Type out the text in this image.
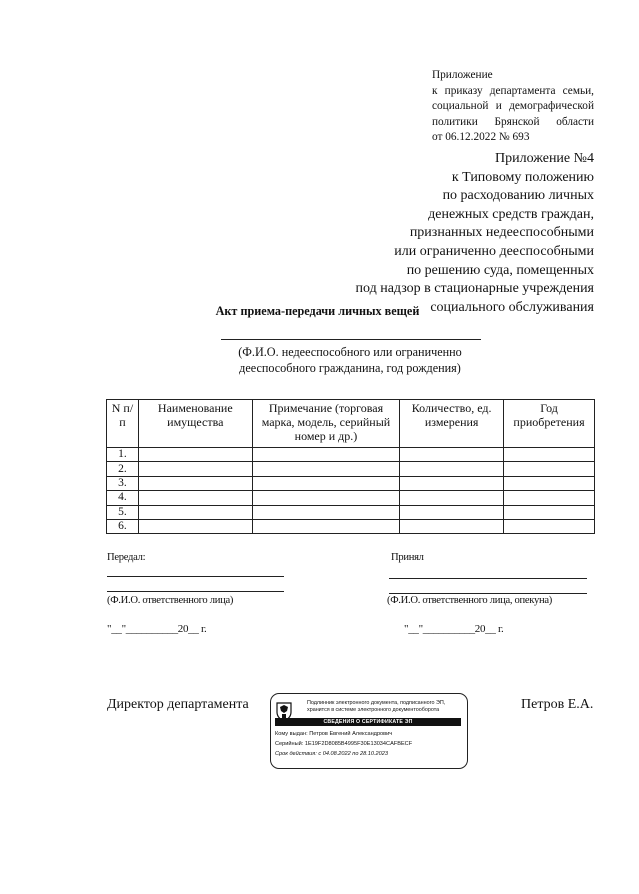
Приложение
к приказу департамента семьи,
социальной и демографической
политики Брянской области
от 06.12.2022 № 693
Приложение №4
к Типовому положению
по расходованию личных
денежных средств граждан,
признанных недееспособными
или ограниченно дееспособными
по решению суда, помещенных
под надзор в стационарные учреждения
социального обслуживания
Акт приема-передачи личных вещей
(Ф.И.О. недееспособного или ограниченно
дееспособного гражданина, год рождения)
N п/п	Наименование имущества	Примечание (торговая марка, модель, серийный номер и др.)	Количество, ед. измерения	Год приобретения
1.				
2.				
3.				
4.				
5.				
6.				
Передал:	Принял
(Ф.И.О. ответственного лица)	(Ф.И.О. ответственного лица, опекуна)
"__"__________20__ г.	"__"__________20__ г.
Директор департамента	Петров Е.А.
Подлинник электронного документа, подписанного ЭП,
хранится в системе электронного документооборота
СВЕДЕНИЯ О СЕРТИФИКАТЕ ЭП
Кому выдан: Петров Евгений Александрович
Серийный: 1E19F2D8085B4995F30E13034CAFBECF
Срок действия: с 04.08.2022 по 28.10.2023
